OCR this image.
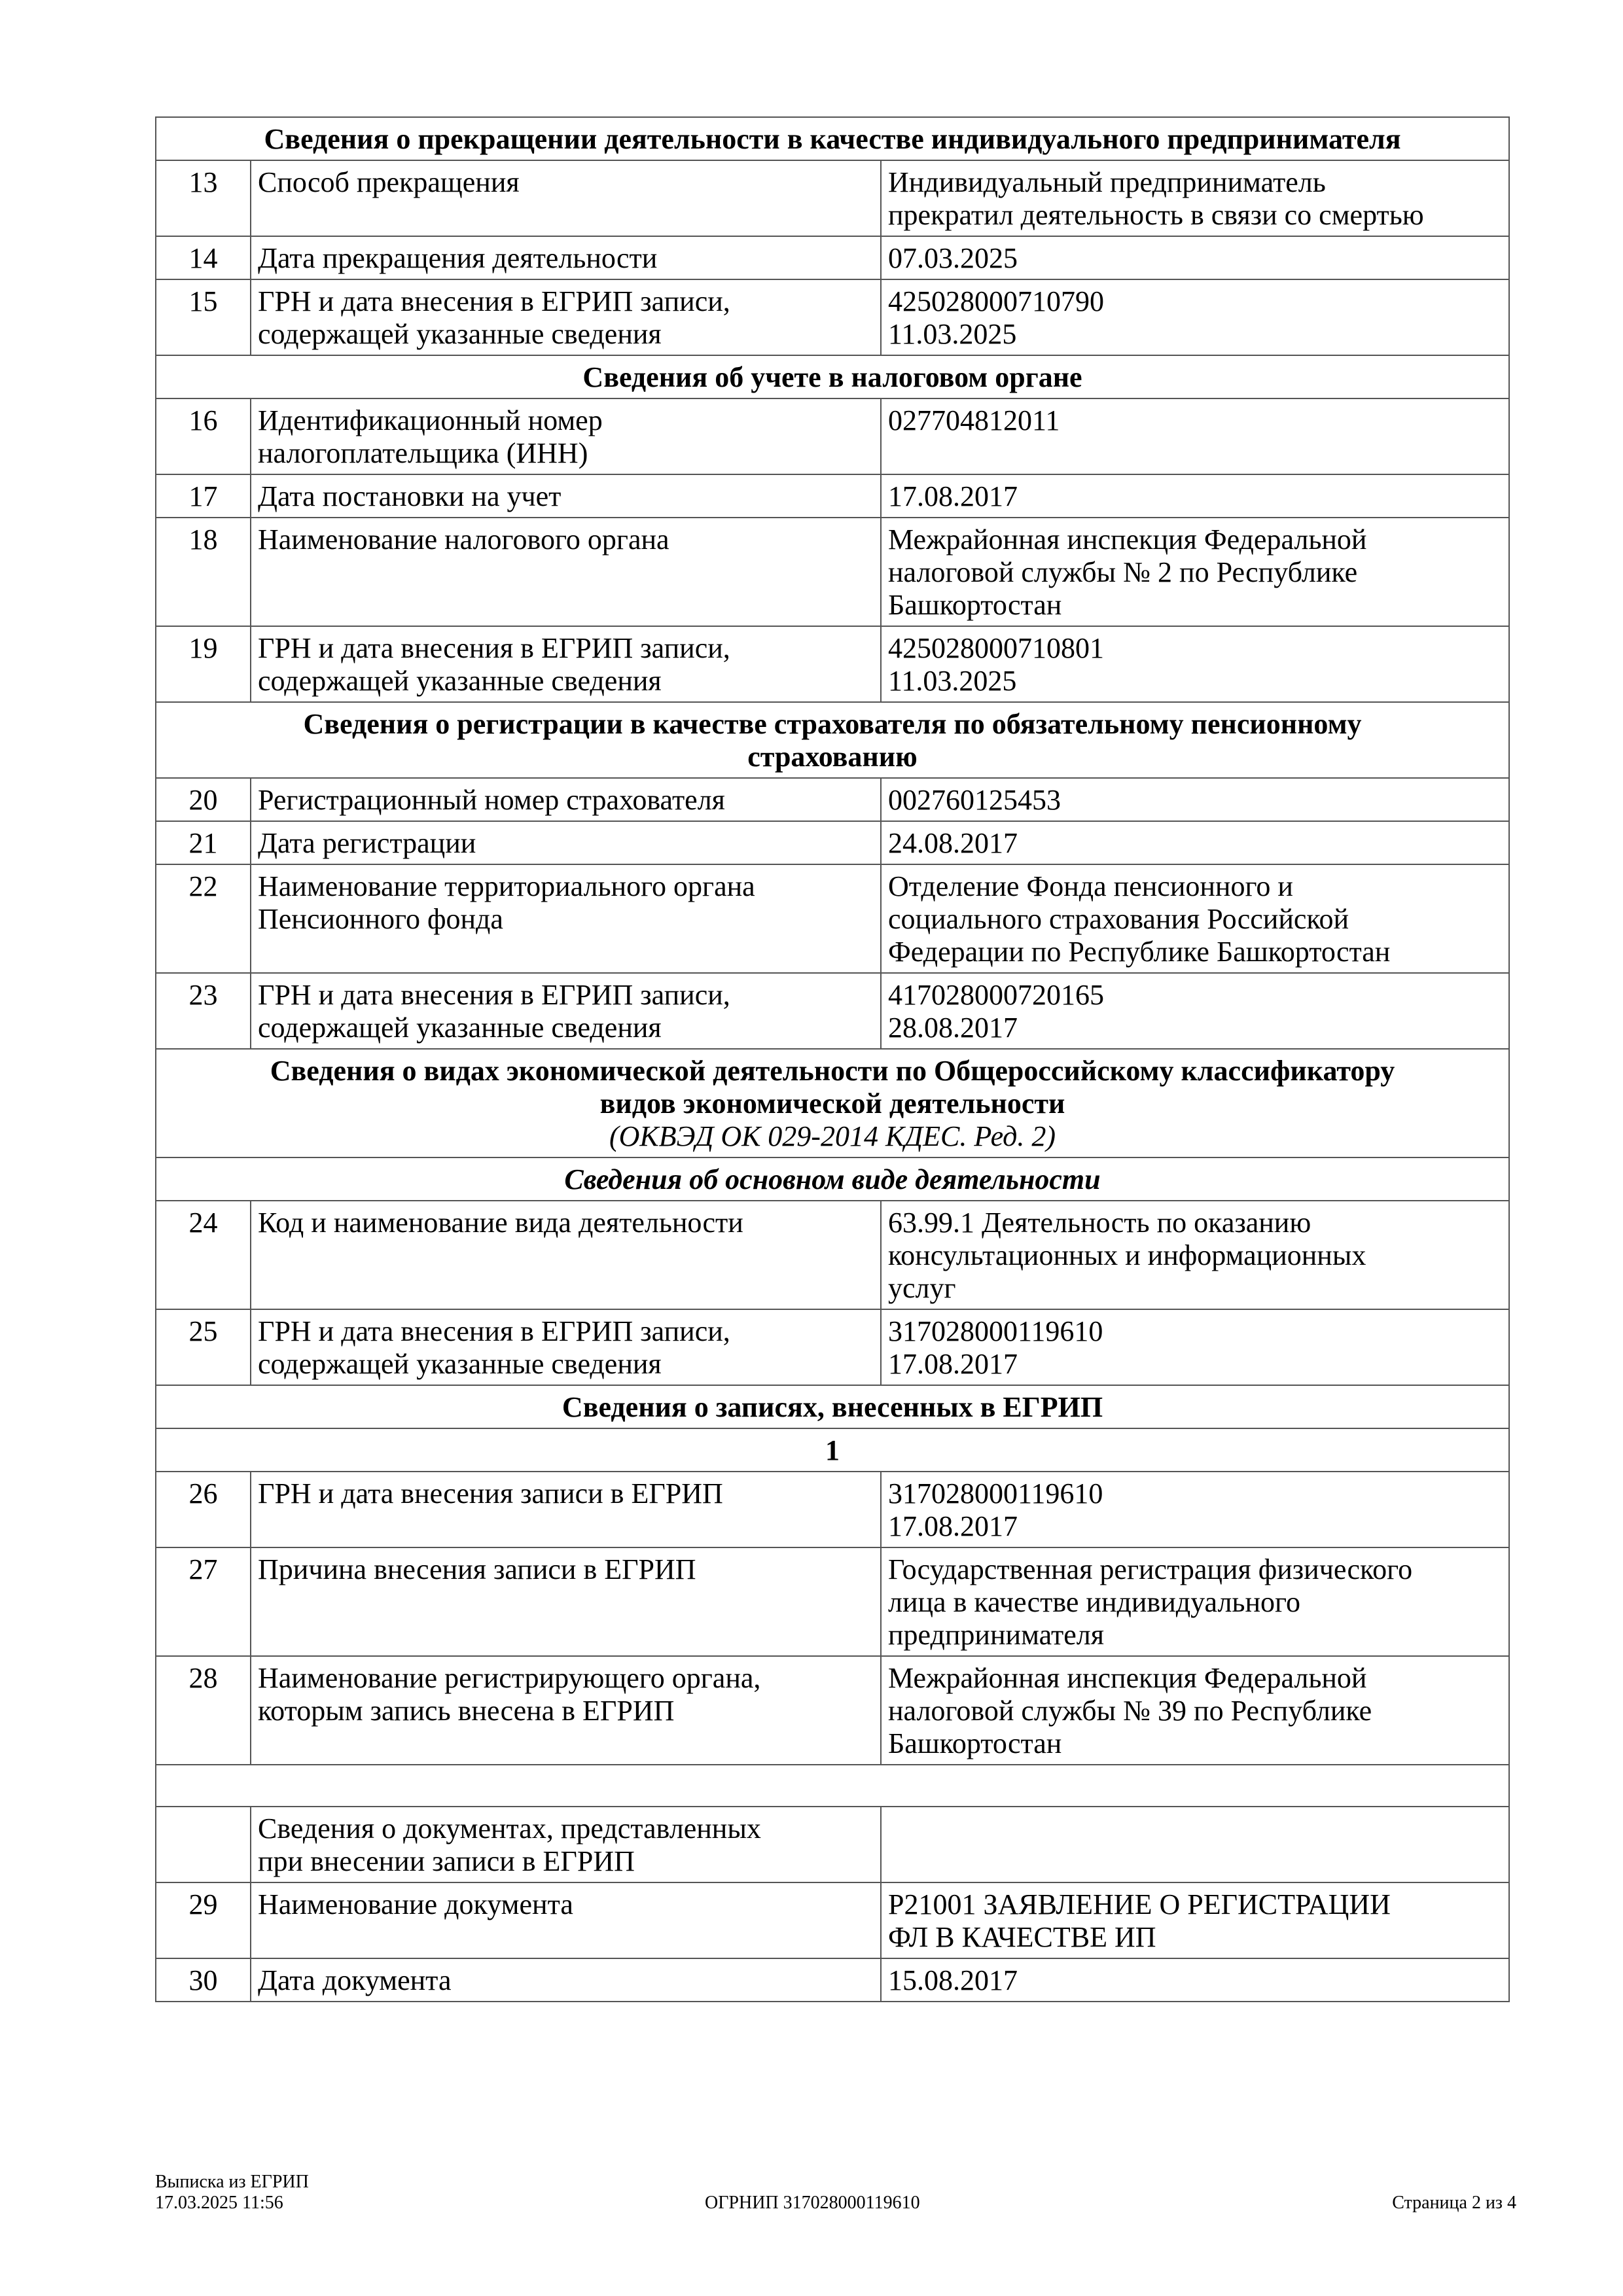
Сведения о прекращении деятельности в качестве индивидуального предпринимателя		
13	Способ прекращения	Индивидуальный предприниматель
прекратил деятельность в связи со смертью

14	Дата прекращения деятельности	07.03.2025

15	ГРН и дата внесения в ЕГРИП записи,
содержащей указанные сведения	425028000710790
11.03.2025

Сведения об учете в налоговом органе		
16	Идентификационный номер
налогоплательщика (ИНН)	027704812011

17	Дата постановки на учет	17.08.2017

18	Наименование налогового органа	Межрайонная инспекция Федеральной
налоговой службы № 2 по Республике
Башкортостан

19	ГРН и дата внесения в ЕГРИП записи,
содержащей указанные сведения	425028000710801
11.03.2025

Сведения о регистрации в качестве страхователя по обязательному пенсионному
страхованию		

20	Регистрационный номер страхователя	002760125453

21	Дата регистрации	24.08.2017

22	Наименование территориального органа
Пенсионного фонда	Отделение Фонда пенсионного и
социального страхования Российской
Федерации по Республике Башкортостан

23	ГРН и дата внесения в ЕГРИП записи,
содержащей указанные сведения	417028000720165
28.08.2017

Сведения о видах экономической деятельности по Общероссийскому классификатору
видов экономической деятельности
(ОКВЭД ОК 029-2014 КДЕС. Ред. 2)		

Сведения об основном виде деятельности		
24	Код и наименование вида деятельности	63.99.1 Деятельность по оказанию
консультационных и информационных
услуг

25	ГРН и дата внесения в ЕГРИП записи,
содержащей указанные сведения	317028000119610
17.08.2017

Сведения о записях, внесенных в ЕГРИП		
1		
26	ГРН и дата внесения записи в ЕГРИП	317028000119610
17.08.2017

27	Причина внесения записи в ЕГРИП	Государственная регистрация физического
лица в качестве индивидуального
предпринимателя

28	Наименование регистрирующего органа,
которым запись внесена в ЕГРИП	Межрайонная инспекция Федеральной
налоговой службы № 39 по Республике
Башкортостан

	Сведения о документах, представленных
при внесении записи в ЕГРИП	

29	Наименование документа	Р21001 ЗАЯВЛЕНИЕ О РЕГИСТРАЦИИ
ФЛ В КАЧЕСТВЕ ИП

30	Дата документа	15.08.2017
Выписка из ЕГРИП
17.03.2025 11:56	ОГРНИП 317028000119610	Страница 2 из 4
